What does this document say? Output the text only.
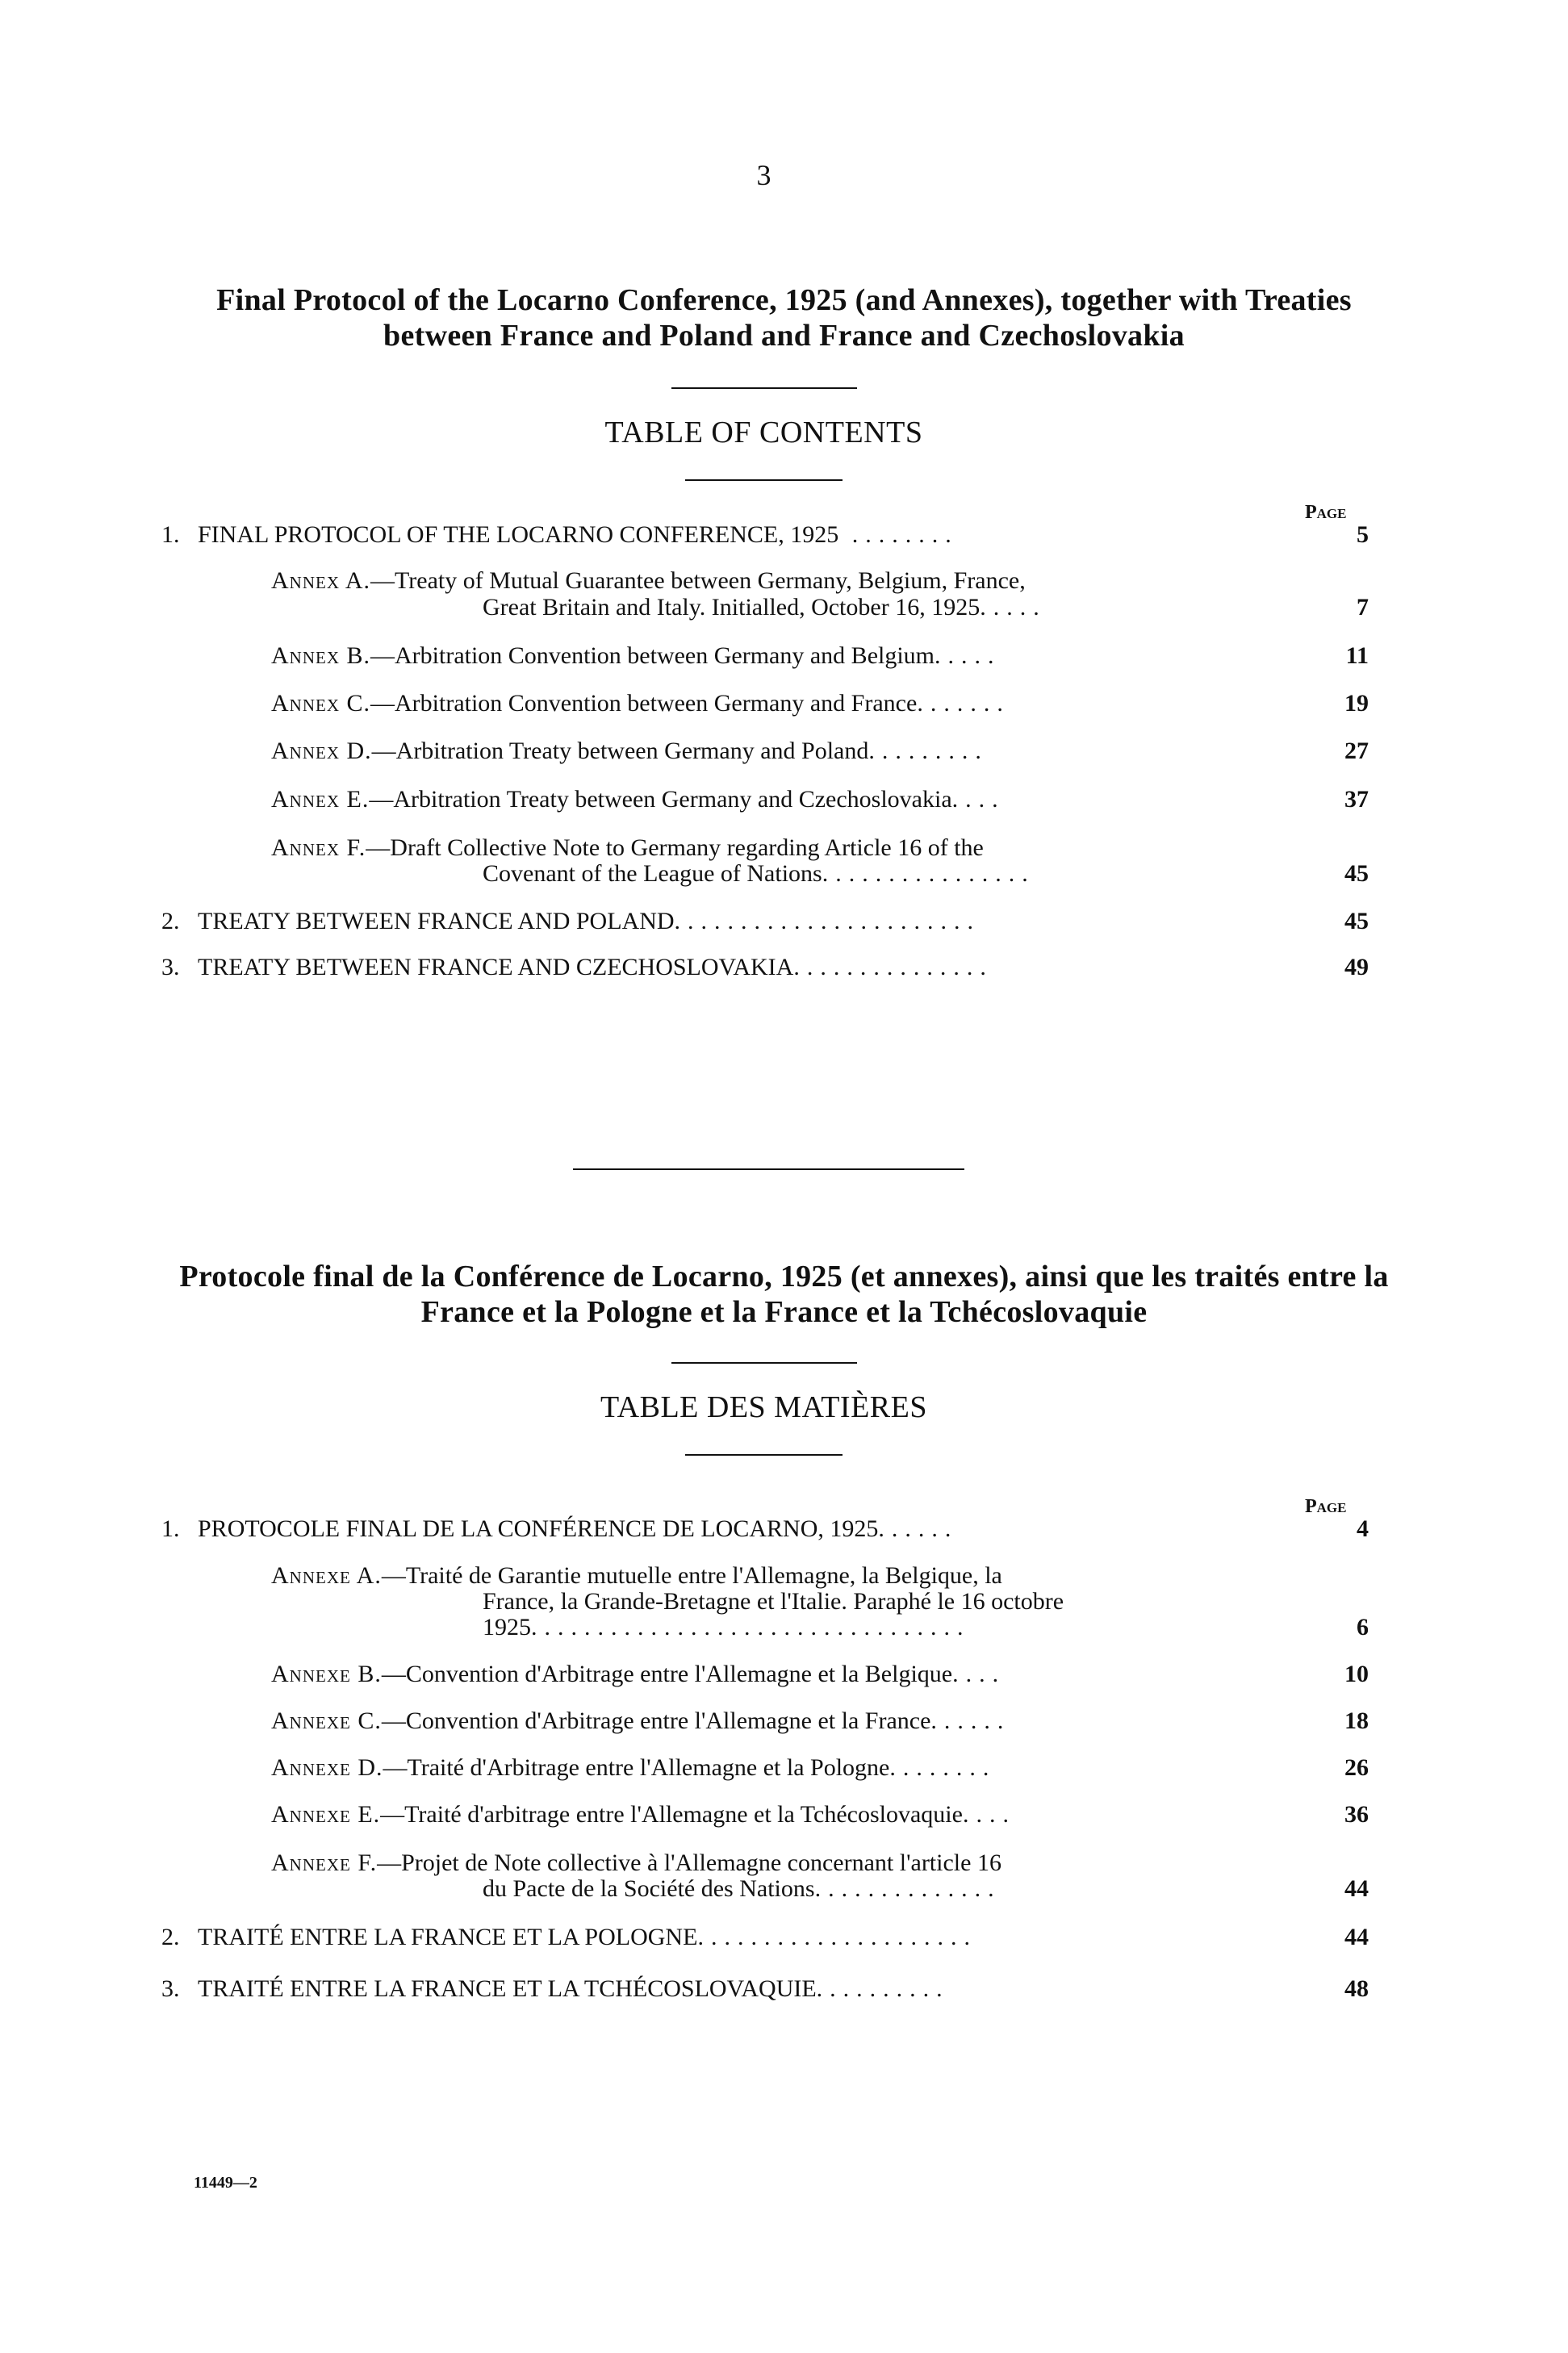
3
Final Protocol of the Locarno Conference, 1925 (and Annexes), together with Treaties between France and Poland and France and Czechoslovakia
TABLE OF CONTENTS
Page
1. FINAL PROTOCOL OF THE LOCARNO CONFERENCE, 1925 ........	5
Annex A.—Treaty of Mutual Guarantee between Germany, Belgium, France,
Great Britain and Italy. Initialled, October 16, 1925.....	7
Annex B.—Arbitration Convention between Germany and Belgium.....	11
Annex C.—Arbitration Convention between Germany and France.......	19
Annex D.—Arbitration Treaty between Germany and Poland.........	27
Annex E.—Arbitration Treaty between Germany and Czechoslovakia....	37
Annex F.—Draft Collective Note to Germany regarding Article 16 of the
Covenant of the League of Nations................	45
2. TREATY BETWEEN FRANCE AND POLAND.......................	45
3. TREATY BETWEEN FRANCE AND CZECHOSLOVAKIA...............	49
Protocole final de la Conférence de Locarno, 1925 (et annexes), ainsi que les traités entre la France et la Pologne et la France et la Tchécoslovaquie
TABLE DES MATIÈRES
Page
1. PROTOCOLE FINAL DE LA CONFÉRENCE DE LOCARNO, 1925......	4
Annexe A.—Traité de Garantie mutuelle entre l'Allemagne, la Belgique, la
France, la Grande-Bretagne et l'Italie. Paraphé le 16 octobre
1925.................................	6
Annexe B.—Convention d'Arbitrage entre l'Allemagne et la Belgique....	10
Annexe C.—Convention d'Arbitrage entre l'Allemagne et la France......	18
Annexe D.—Traité d'Arbitrage entre l'Allemagne et la Pologne........	26
Annexe E.—Traité d'arbitrage entre l'Allemagne et la Tchécoslovaquie....	36
Annexe F.—Projet de Note collective à l'Allemagne concernant l'article 16
du Pacte de la Société des Nations..............	44
2. TRAITÉ ENTRE LA FRANCE ET LA POLOGNE.....................	44
3. TRAITÉ ENTRE LA FRANCE ET LA TCHÉCOSLOVAQUIE..........	48
11449—2
